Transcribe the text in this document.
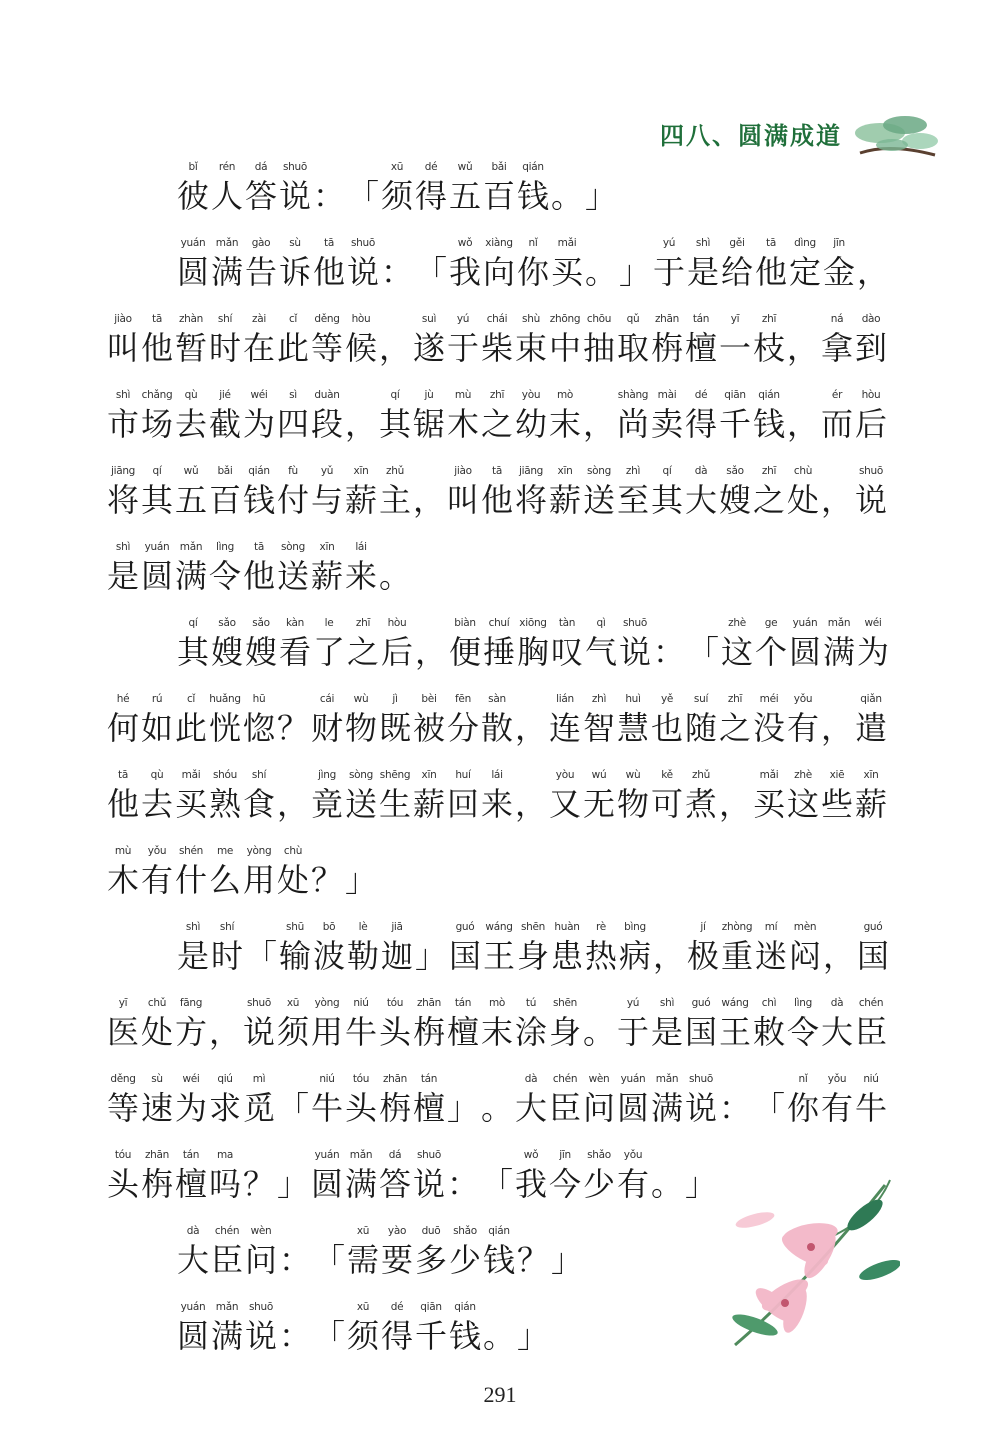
四八、圆满成道
bǐ
彼
rén
人
dá
答
shuō
说 ： 「
xū
须
dé
得
wǔ
五
bǎi
百
qián
钱 。 」
yuán
圆
mǎn
满
gào
告
sù
诉
tā
他
shuō
说 ： 「
wǒ
我
xiàng
向
nǐ
你
mǎi
买 。 」
yú
于
shì
是
gěi
给
tā
他
dìng
定
jīn
金 ，
jiào
叫
tā
他
zhàn
暂
shí
时
zài
在
cǐ
此
děng
等
hòu
候 ，
suì
遂
yú
于
chái
柴
shù
束
zhōng
中
chōu
抽
qǔ
取
zhān
栴
tán
檀
yī
一
zhī
枝 ，
ná
拿
dào
到
shì
市
chǎng
场
qù
去
jié
截
wéi
为
sì
四
duàn
段 ，
qí
其
jù
锯
mù
木
zhī
之
yòu
幼
mò
末 ，
shàng
尚
mài
卖
dé
得
qiān
千
qián
钱 ，
ér
而
hòu
后
jiāng
将
qí
其
wǔ
五
bǎi
百
qián
钱
fù
付
yǔ
与
xīn
薪
zhǔ
主 ，
jiào
叫
tā
他
jiāng
将
xīn
薪
sòng
送
zhì
至
qí
其
dà
大
sǎo
嫂
zhī
之
chù
处 ，
shuō
说
shì
是
yuán
圆
mǎn
满
lìng
令
tā
他
sòng
送
xīn
薪
lái
来 。
qí
其
sǎo
嫂
sǎo
嫂
kàn
看
le
了
zhī
之
hòu
后 ，
biàn
便
chuí
捶
xiōng
胸
tàn
叹
qì
气
shuō
说 ： 「
zhè
这
ge
个
yuán
圆
mǎn
满
wéi
为
hé
何
rú
如
cǐ
此
huǎng
恍
hū
惚 ？
cái
财
wù
物
jì
既
bèi
被
fēn
分
sàn
散 ，
lián
连
zhì
智
huì
慧
yě
也
suí
随
zhī
之
méi
没
yǒu
有 ，
qiǎn
遣
tā
他
qù
去
mǎi
买
shóu
熟
shí
食 ，
jìng
竟
sòng
送
shēng
生
xīn
薪
huí
回
lái
来 ，
yòu
又
wú
无
wù
物
kě
可
zhǔ
煮 ，
mǎi
买
zhè
这
xiē
些
xīn
薪
mù
木
yǒu
有
shén
什
me
么
yòng
用
chù
处 ？ 」
shì
是
shí
时 「
shū
输
bō
波
lè
勒
jiā
迦 」
guó
国
wáng
王
shēn
身
huàn
患
rè
热
bìng
病 ，
jí
极
zhòng
重
mí
迷
mèn
闷 ，
guó
国
yī
医
chǔ
处
fāng
方 ，
shuō
说
xū
须
yòng
用
niú
牛
tóu
头
zhān
栴
tán
檀
mò
末
tú
涂
shēn
身 。
yú
于
shì
是
guó
国
wáng
王
chì
敕
lìng
令
dà
大
chén
臣
děng
等
sù
速
wéi
为
qiú
求
mì
觅 「
niú
牛
tóu
头
zhān
栴
tán
檀 」 。
dà
大
chén
臣
wèn
问
yuán
圆
mǎn
满
shuō
说 ： 「
nǐ
你
yǒu
有
niú
牛
tóu
头
zhān
栴
tán
檀
ma
吗 ？ 」
yuán
圆
mǎn
满
dá
答
shuō
说 ： 「
wǒ
我
jīn
今
shǎo
少
yǒu
有 。 」
dà
大
chén
臣
wèn
问 ： 「
xū
需
yào
要
duō
多
shǎo
少
qián
钱 ？ 」
yuán
圆
mǎn
满
shuō
说 ： 「
xū
须
dé
得
qiān
千
qián
钱 。 」
291
